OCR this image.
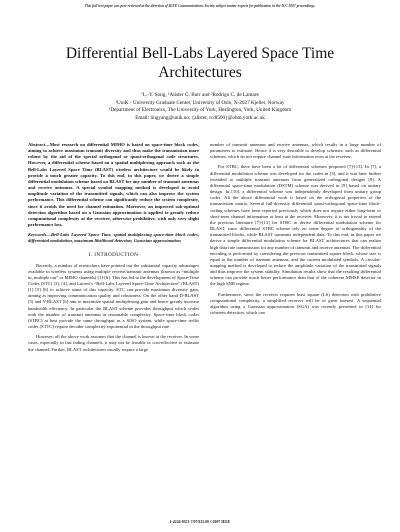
This full text paper was peer reviewed at the direction of IEEE Communications Society subject matter experts for publication in the ICC 2007 proceedings.
Differential Bell-Labs Layered Space Time
Architectures
¹L.-Y. Song, ²Alister G. Burr and ²Rodrigo C. de Lamare
¹UniK - University Graduate Center, University of Oslo, N-2027 Kjeller, Norway
²Department of Electronics, The University of York, Heslington, York, United Kingdom
Email: lingyang@unik.no; {alister, rcdl500}@ohm.york.ac.uk

Abstract—Most research on differential MIMO is based on space-time block codes, aiming to achieve maximum transmit diversity and thus make the transmission more robust by the aid of the special orthogonal or quasi-orthogonal code structures. However, a differential scheme based on a spatial multiplexing approach such as the Bell-Labs Layered Space Time (BLAST) wireless architecture would be likely to provide a much greater capacity. To this end, in this paper, we derive a simple differential modulation scheme based on BLAST for any number of transmit antennas and receive antennas. A special symbol mapping method is developed to avoid amplitude variation of the transmitted signals, which can also improve the system performance. This differential scheme can significantly reduce the system complexity, since it avoids the need for channel estimation. Moreover, an improved sub-optimal detection algorithm based on a Gaussian approximation is applied to greatly reduce computational complexity at the receiver, otherwise prohibitive, with only very slight performance loss.

Keywords—Bell-Labs Layered Space Time, spatial multiplexing space-time block codes, differential modulation, maximum likelihood detection, Gaussian approximation

I. INTRODUCTION

Recently, a number of researchers have pointed out the substantial capacity advantages available in wireless systems using multiple receive/transmit antennas (known as “multiple in, multiple out” or MIMO channels) [1]-[6]. This has led to the development of Space-Time Codes (STC) [3], [4], and Lucent’s “Bell-Labs Layered Space-Time Architecture” (BLAST) [1] [5] [6] to achieve some of this capacity. STC can provide maximum diversity gain, aiming at improving communication quality and robustness. On the other hand D-BLAST [5] and V-BLAST [6] aim to maximize spatial multiplexing gain and hence greatly increase bandwidth efficiency. In particular the BLAST scheme provides throughput which scales with the number of transmit antennas at reasonable complexity. Space-time block codes (STBC) at best provide the same throughput as a SISO system, while space-time trellis codes (STTC) require decoder complexity exponential in the throughput rate.

However, all the above work assumes that the channel is known at the receiver. In some cases, especially in fast fading channels, it may not be feasible or cost-effective to estimate the channel. Further, BLAST architectures usually require a large

number of transmit antennas and receive antennas, which results in a large number of parameters to estimate. Hence it is very desirable to develop schemes, such as differential schemes, which do not require channel state information even at the receiver.

For STBC, there have been a lot of differential schemes proposed [7]-[13]. In [7], a differential modulation scheme was developed for the codes in [3], and it was later further extended to multiple transmit antennas from generalized orthogonal designs [8]. A differential space-time modulation (DSTM) scheme was derived in [9] based on unitary design. In [10], a differential scheme was independently developed from unitary group codes. All the above differential work is based on the orthogonal properties of the transmission matrix. Several full-diversity differential quasi-orthogonal space-time block-coding schemes have been reported previously which does not require either long-term or short-term channel information at least at the receiver. Moreover, it is not trivial to extend the previous literature [7]-[13] for STBC to derive differential modulation scheme for BLAST, since differential STBC scheme rely on some degree of orthogonality of the transmitted blocks, while BLAST transmits independent data. To this end, in this paper we derive a simple differential modulation scheme for BLAST architectures that can realize high data rate transmission for any number of transmit and receive antennas. The differential encoding is performed by considering the previous transmitted square block, whose size is equal to the number of transmit antennas, and the current modulated symbols. A circular-mapping method is developed to reduce the amplitude variation of the transmitted signals and thus improve the system stability. Simulation results show that the resulting differential scheme can provide much better performance than that of the coherent MMSE detector in the high SNR regime.

Furthermore, since the receiver requires least square (LS) detection with prohibitive computational complexity, a simplified receiver will be of great interest. A sequential algorithm using a Gaussian approximation (SGA) was recently presented in [14] for coherent detection, which can

1-4244-0353-7/07/$25.00 ©2007 IEEE
